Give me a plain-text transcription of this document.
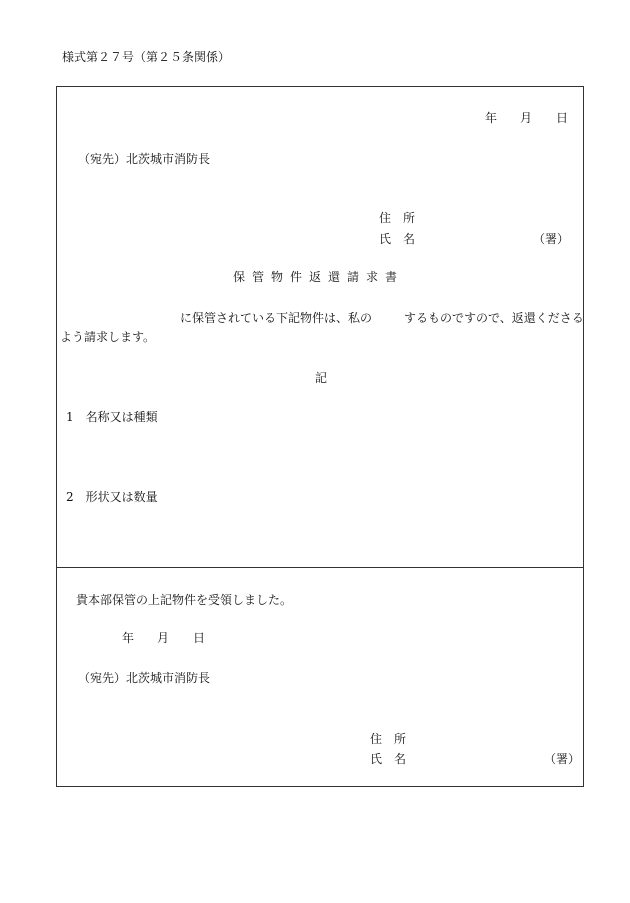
様式第２７号（第２５条関係）
年 月 日
（宛先）北茨城市消防長
住　所
氏　名	（署）
保管物件返還請求書
に保管されている下記物件は、私の	するものですので、返還くださる
よう請求します。
記
1　名称又は種類
2　形状又は数量
貴本部保管の上記物件を受領しました。
年 月 日
（宛先）北茨城市消防長
住　所
氏　名	（署）
